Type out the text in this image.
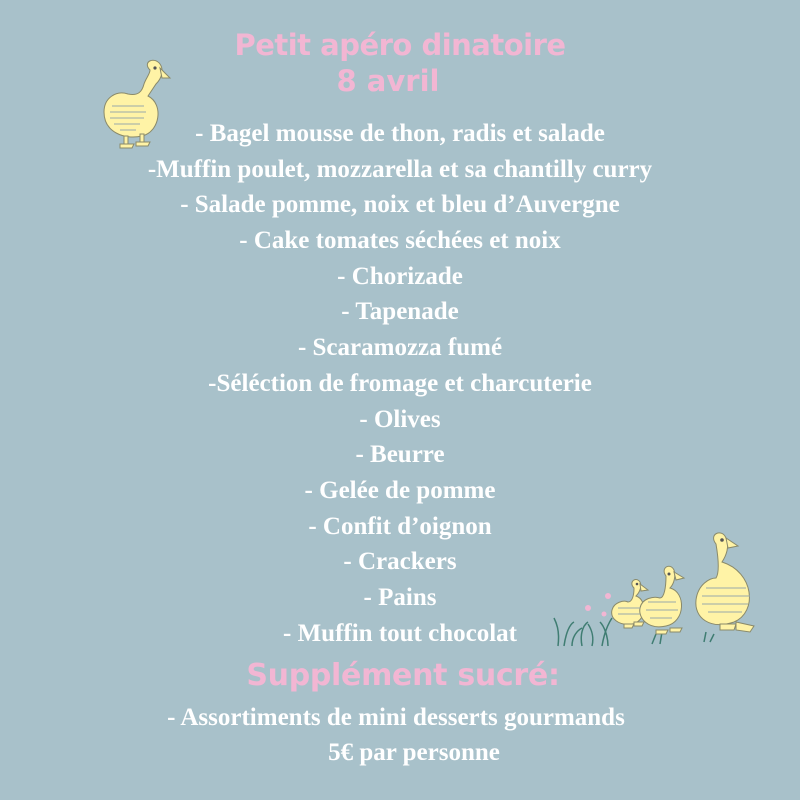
Petit apéro dinatoire
8 avril
- Bagel mousse de thon, radis et salade
-Muffin poulet, mozzarella et sa chantilly curry
- Salade pomme, noix et bleu d’Auvergne
- Cake tomates séchées et noix
- Chorizade
- Tapenade
- Scaramozza fumé
-Séléction de fromage et charcuterie
- Olives
- Beurre
- Gelée de pomme
- Confit d’oignon
- Crackers
- Pains
- Muffin tout chocolat
Supplément sucré:
- Assortiments de mini desserts gourmands
5€ par personne
